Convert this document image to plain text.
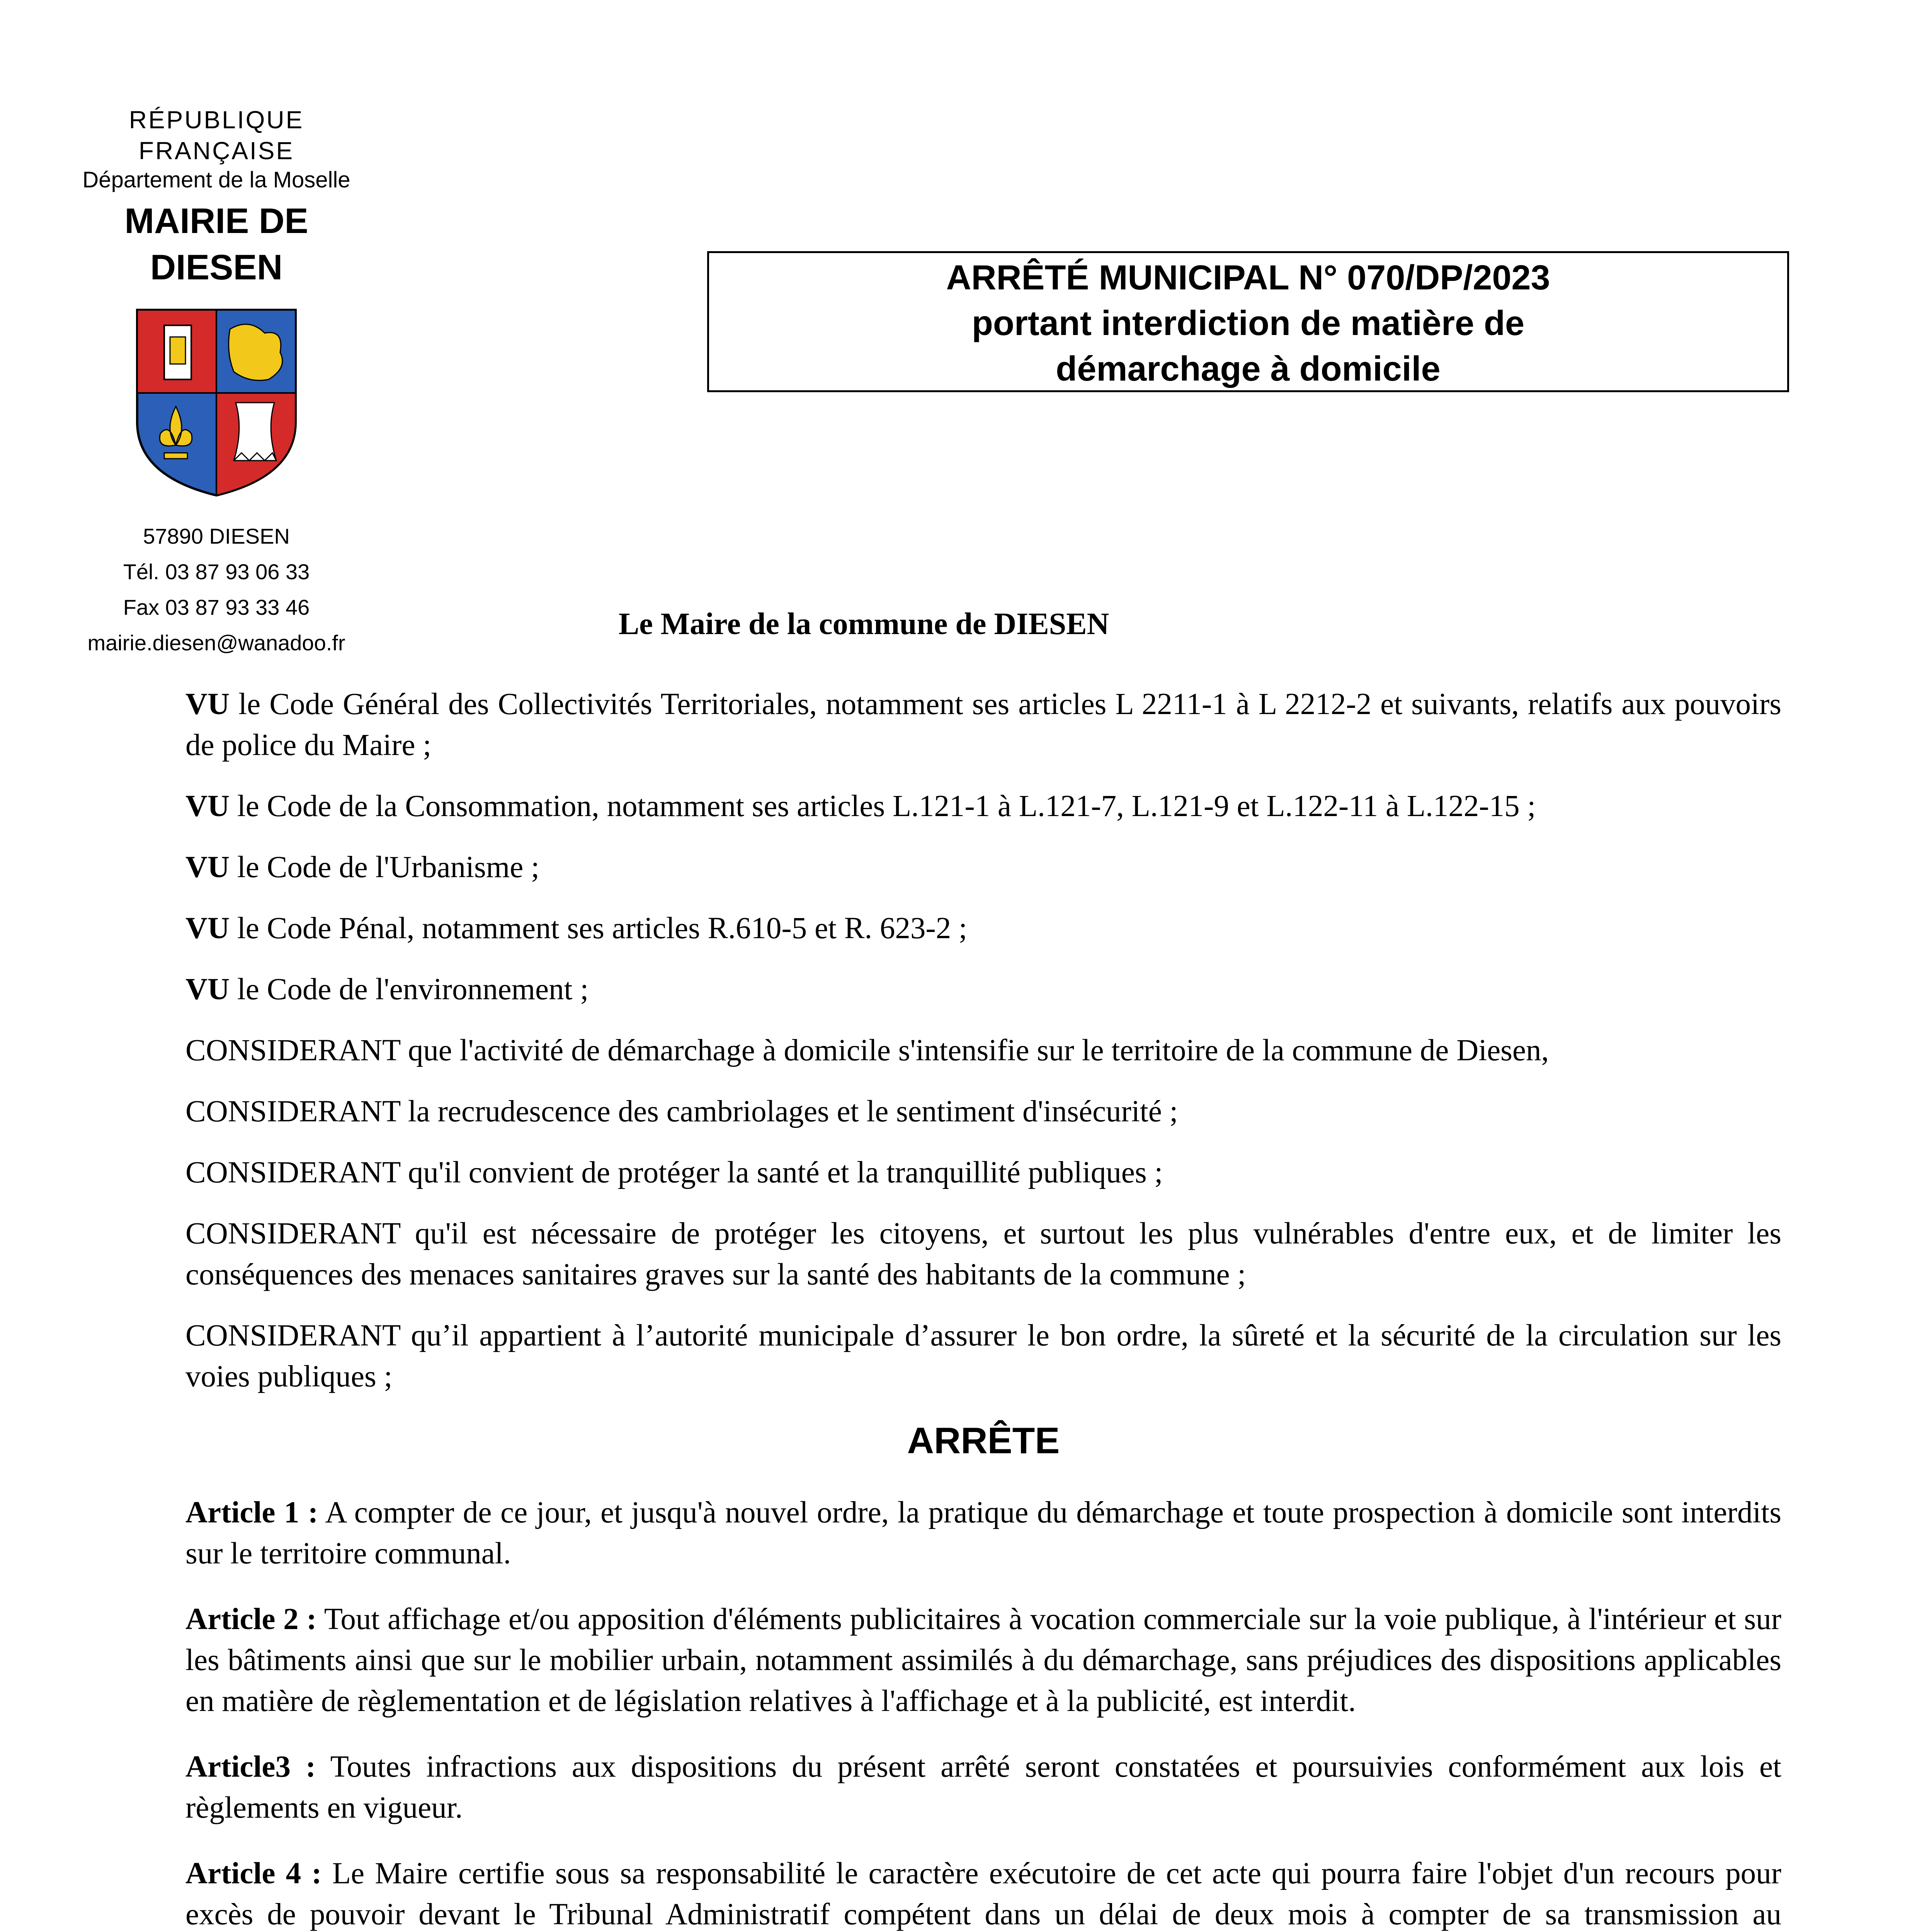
RÉPUBLIQUE FRANÇAISE
Département de la Moselle
MAIRIE DE DIESEN
57890 DIESEN
Tél. 03 87 93 06 33
Fax 03 87 93 33 46
mairie.diesen@wanadoo.fr
ARRÊTÉ MUNICIPAL N° 070/DP/2023
portant interdiction de matière de
démarchage à domicile
Le Maire de la commune de DIESEN

VU le Code Général des Collectivités Territoriales, notamment ses articles L 2211-1 à L 2212-2 et suivants, relatifs aux pouvoirs de police du Maire ;

VU le Code de la Consommation, notamment ses articles L.121-1 à L.121-7, L.121-9 et L.122-11 à L.122-15 ;

VU le Code de l'Urbanisme ;

VU le Code Pénal, notamment ses articles R.610-5 et R. 623-2 ;

VU le Code de l'environnement ;

CONSIDERANT que l'activité de démarchage à domicile s'intensifie sur le territoire de la commune de Diesen,

CONSIDERANT la recrudescence des cambriolages et le sentiment d'insécurité ;

CONSIDERANT qu'il convient de protéger la santé et la tranquillité publiques ;

CONSIDERANT qu'il est nécessaire de protéger les citoyens, et surtout les plus vulnérables d'entre eux, et de limiter les conséquences des menaces sanitaires graves sur la santé des habitants de la commune ;

CONSIDERANT qu’il appartient à l’autorité municipale d’assurer le bon ordre, la sûreté et la sécurité de la circulation sur les voies publiques ;

ARRÊTE

Article 1 : A compter de ce jour, et jusqu'à nouvel ordre, la pratique du démarchage et toute prospection à domicile sont interdits sur le territoire communal.

Article 2 : Tout affichage et/ou apposition d'éléments publicitaires à vocation commerciale sur la voie publique, à l'intérieur et sur les bâtiments ainsi que sur le mobilier urbain, notamment assimilés à du démarchage, sans préjudices des dispositions applicables en matière de règlementation et de législation relatives à l'affichage et à la publicité, est interdit.

Article3 : Toutes infractions aux dispositions du présent arrêté seront constatées et poursuivies conformément aux lois et règlements en vigueur.

Article 4 : Le Maire certifie sous sa responsabilité le caractère exécutoire de cet acte qui pourra faire l'objet d'un recours pour excès de pouvoir devant le Tribunal Administratif compétent dans un délai de deux mois à compter de sa transmission au
